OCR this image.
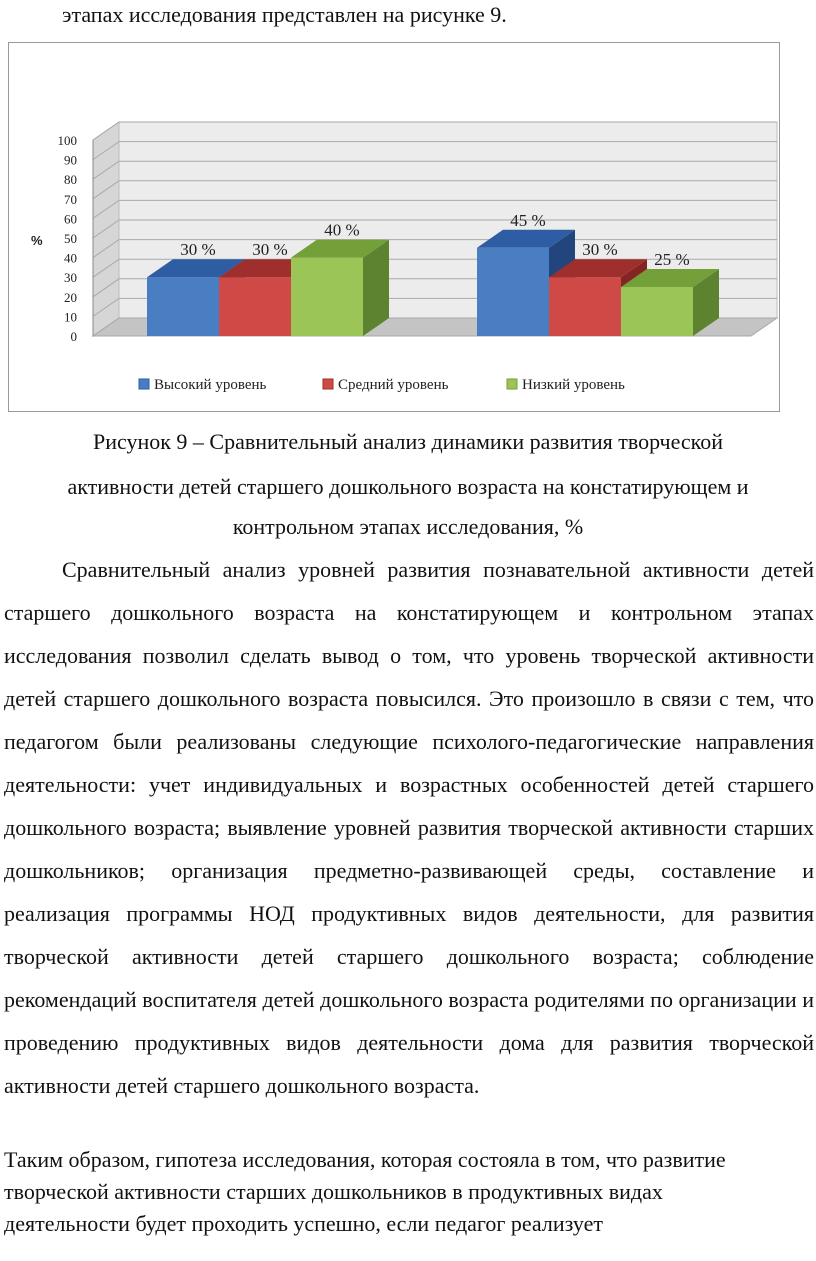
этапах исследования представлен на рисунке 9.
0
10
20
30
40
50
60
70
80
90
100
%	30 % 30 %
40 %
45 %
30 %
25 %
Высокий уровень	Средний уровень	Низкий уровень
Рисунок 9 – Сравнительный анализ динамики развития творческой
активности детей старшего дошкольного возраста на констатирующем и
контрольном этапах исследования, %
Сравнительный анализ уровней развития познавательной активности детей старшего дошкольного возраста на констатирующем и контрольном этапах исследования позволил сделать вывод о том, что уровень творческой активности детей старшего дошкольного возраста повысился. Это произошло в связи с тем, что педагогом были реализованы следующие психолого-педагогические направления деятельности: учет индивидуальных и возрастных особенностей детей старшего дошкольного возраста; выявление уровней развития творческой активности старших дошкольников; организация предметно-развивающей среды, составление и реализация программы НОД продуктивных видов деятельности, для развития творческой активности детей старшего дошкольного возраста; соблюдение рекомендаций воспитателя детей дошкольного возраста родителями по организации и проведению продуктивных видов деятельности дома для развития творческой активности детей старшего дошкольного возраста.
Таким образом, гипотеза исследования, которая состояла в том, что развитие
творческой активности старших дошкольников в продуктивных видах
деятельности будет проходить успешно, если педагог реализует
